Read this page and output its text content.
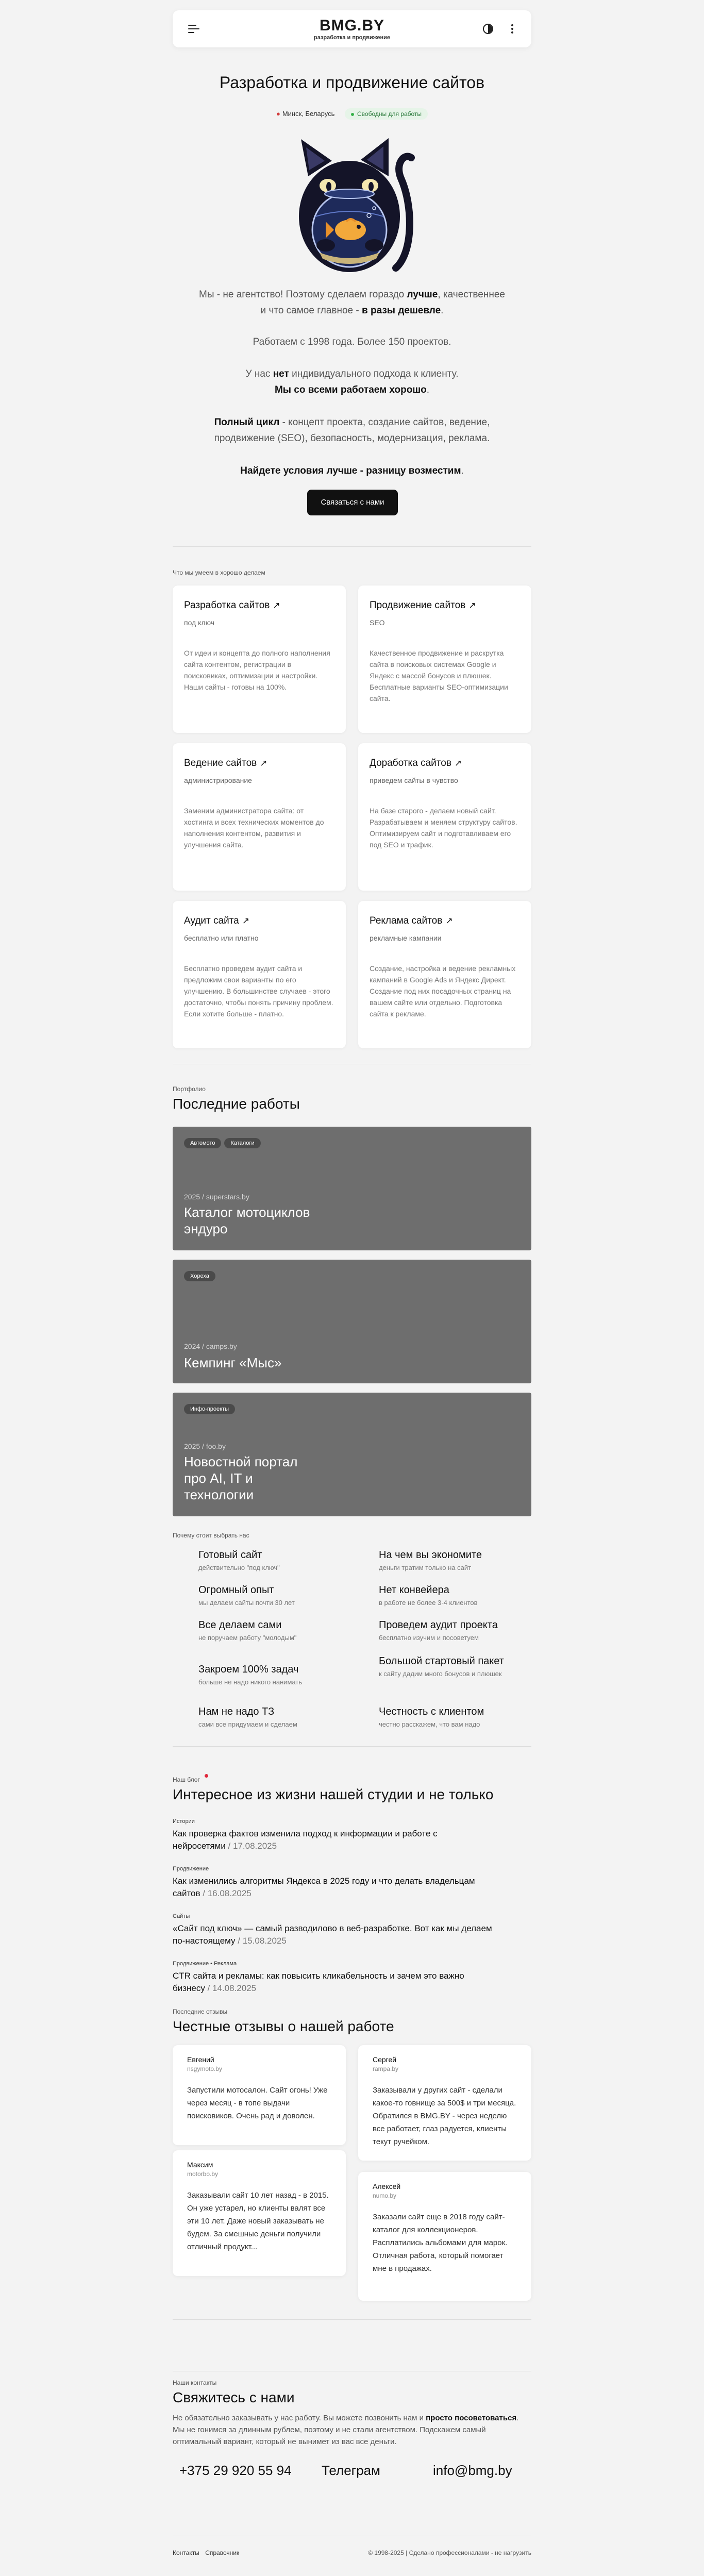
BMG.BY
разработка и продвижение
Разработка и продвижение сайтов
● Минск, Беларусь	Свободны для работы
Мы - не агентство! Поэтому сделаем гораздо лучше, качественнее и что самое главное - в разы дешевле.
Работаем с 1998 года. Более 150 проектов.
У нас нет индивидуального подхода к клиенту.
Мы со всеми работаем хорошо.
Полный цикл - концепт проекта, создание сайтов, ведение, продвижение (SEO), безопасность, модернизация, реклама.
Найдете условия лучше - разницу возместим.
Связаться с нами
Что мы умеем в хорошо делаем
Разработка сайтов ↗
под ключ
От идеи и концепта до полного наполнения сайта контентом, регистрации в поисковиках, оптимизации и настройки. Наши сайты - готовы на 100%.
Продвижение сайтов ↗
SEO
Качественное продвижение и раскрутка сайта в поисковых системах Google и Яндекс с массой бонусов и плюшек. Бесплатные варианты SEO-оптимизации сайта.
Ведение сайтов ↗
администрирование
Заменим администратора сайта: от хостинга и всех технических моментов до наполнения контентом, развития и улучшения сайта.
Доработка сайтов ↗
приведем сайты в чувство
На базе старого - делаем новый сайт. Разрабатываем и меняем структуру сайтов. Оптимизируем сайт и подготавливаем его под SEO и трафик.
Аудит сайта ↗
бесплатно или платно
Бесплатно проведем аудит сайта и предложим свои варианты по его улучшению. В большинстве случаев - этого достаточно, чтобы понять причину проблем. Если хотите больше - платно.
Реклама сайтов ↗
рекламные кампании
Создание, настройка и ведение рекламных кампаний в Google Ads и Яндекс Директ. Создание под них посадочных страниц на вашем сайте или отдельно. Подготовка сайта к рекламе.
Портфолио
Последние работы
Автомото	Каталоги
2025 / superstars.by
Каталог мотоциклов эндуро
Хореха
2024 / camps.by
Кемпинг «Мыс»
Инфо-проекты
2025 / foo.by
Новостной портал про AI, IT и технологии
Почему стоит выбрать нас
Готовый сайт
действительно "под ключ"
Огромный опыт
мы делаем сайты почти 30 лет
Все делаем сами
не поручаем работу "молодым"
Закроем 100% задач
больше не надо никого нанимать
Нам не надо ТЗ
сами все придумаем и сделаем
На чем вы экономите
деньги тратим только на сайт
Нет конвейера
в работе не более 3-4 клиентов
Проведем аудит проекта
бесплатно изучим и посоветуем
Большой стартовый пакет
к сайту дадим много бонусов и плюшек
Честность с клиентом
честно расскажем, что вам надо
Наш блог
Интересное из жизни нашей студии и не только
Истории
Как проверка фактов изменила подход к информации и работе с нейросетями / 17.08.2025
Продвижение
Как изменились алгоритмы Яндекса в 2025 году и что делать владельцам сайтов / 16.08.2025
Сайты
«Сайт под ключ» — самый разводилово в веб-разработке. Вот как мы делаем по-настоящему / 15.08.2025
Продвижение • Реклама
CTR сайта и рекламы: как повысить кликабельность и зачем это важно бизнесу / 14.08.2025
Последние отзывы
Честные отзывы о нашей работе
Евгений
nsgymoto.by
Запустили мотосалон. Сайт огонь! Уже через месяц - в топе выдачи поисковиков. Очень рад и доволен.
Сергей
rampa.by
Заказывали у других сайт - сделали какое-то говнище за 500$ и три месяца. Обратился в BMG.BY - через неделю все работает, глаз радуется, клиенты текут ручейком.
Максим
motorbo.by
Заказывали сайт 10 лет назад - в 2015. Он уже устарел, но клиенты валят все эти 10 лет. Даже новый заказывать не будем. За смешные деньги получили отличный продукт...
Алексей
numo.by
Заказали сайт еще в 2018 году сайт-каталог для коллекционеров. Расплатились альбомами для марок. Отличная работа, который помогает мне в продажах.
Наши контакты
Свяжитесь с нами
Не обязательно заказывать у нас работу. Вы можете позвонить нам и просто посоветоваться. Мы не гонимся за длинным рублем, поэтому и не стали агентством. Подскажем самый оптимальный вариант, который не вынимет из вас все деньги.
+375 29 920 55 94 Телеграм	info@bmg.by
Контакты Справочник	© 1998-2025 | Сделано профессионалами - не нагрузить
